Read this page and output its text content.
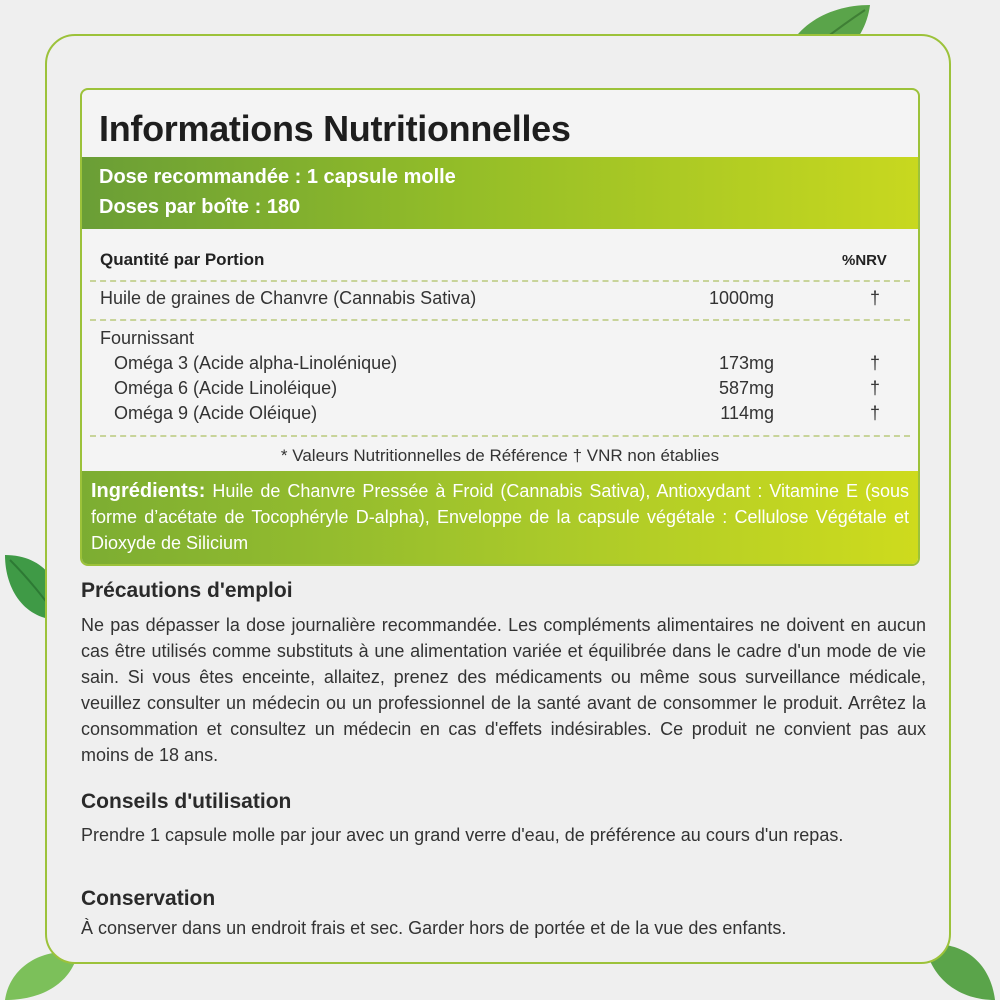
Informations Nutritionnelles
Dose recommandée : 1 capsule molle
Doses par boîte : 180
Quantité par Portion	%NRV
Huile de graines de Chanvre (Cannabis Sativa)	1000mg	†
Fournissant
Oméga 3 (Acide alpha-Linolénique)	173mg	†
Oméga 6 (Acide Linoléique)	587mg	†
Oméga 9 (Acide Oléique)	114mg	†
* Valeurs Nutritionnelles de Référence † VNR non établies
Ingrédients: Huile de Chanvre Pressée à Froid (Cannabis Sativa), Antioxydant : Vitamine E (sous forme d’acétate de Tocophéryle D-alpha), Enveloppe de la capsule végétale : Cellulose Végétale et Dioxyde de Silicium
Précautions d'emploi

Ne pas dépasser la dose journalière recommandée. Les compléments alimentaires ne doivent en aucun cas être utilisés comme substituts à une alimentation variée et équilibrée dans le cadre d'un mode de vie sain. Si vous êtes enceinte, allaitez, prenez des médicaments ou même sous surveillance médicale, veuillez consulter un médecin ou un professionnel de la santé avant de consommer le produit. Arrêtez la consommation et consultez un médecin en cas d'effets indésirables. Ce produit ne convient pas aux moins de 18 ans.

Conseils d'utilisation

Prendre 1 capsule molle par jour avec un grand verre d'eau, de préférence au cours d'un repas.

Conservation

À conserver dans un endroit frais et sec. Garder hors de portée et de la vue des enfants.
